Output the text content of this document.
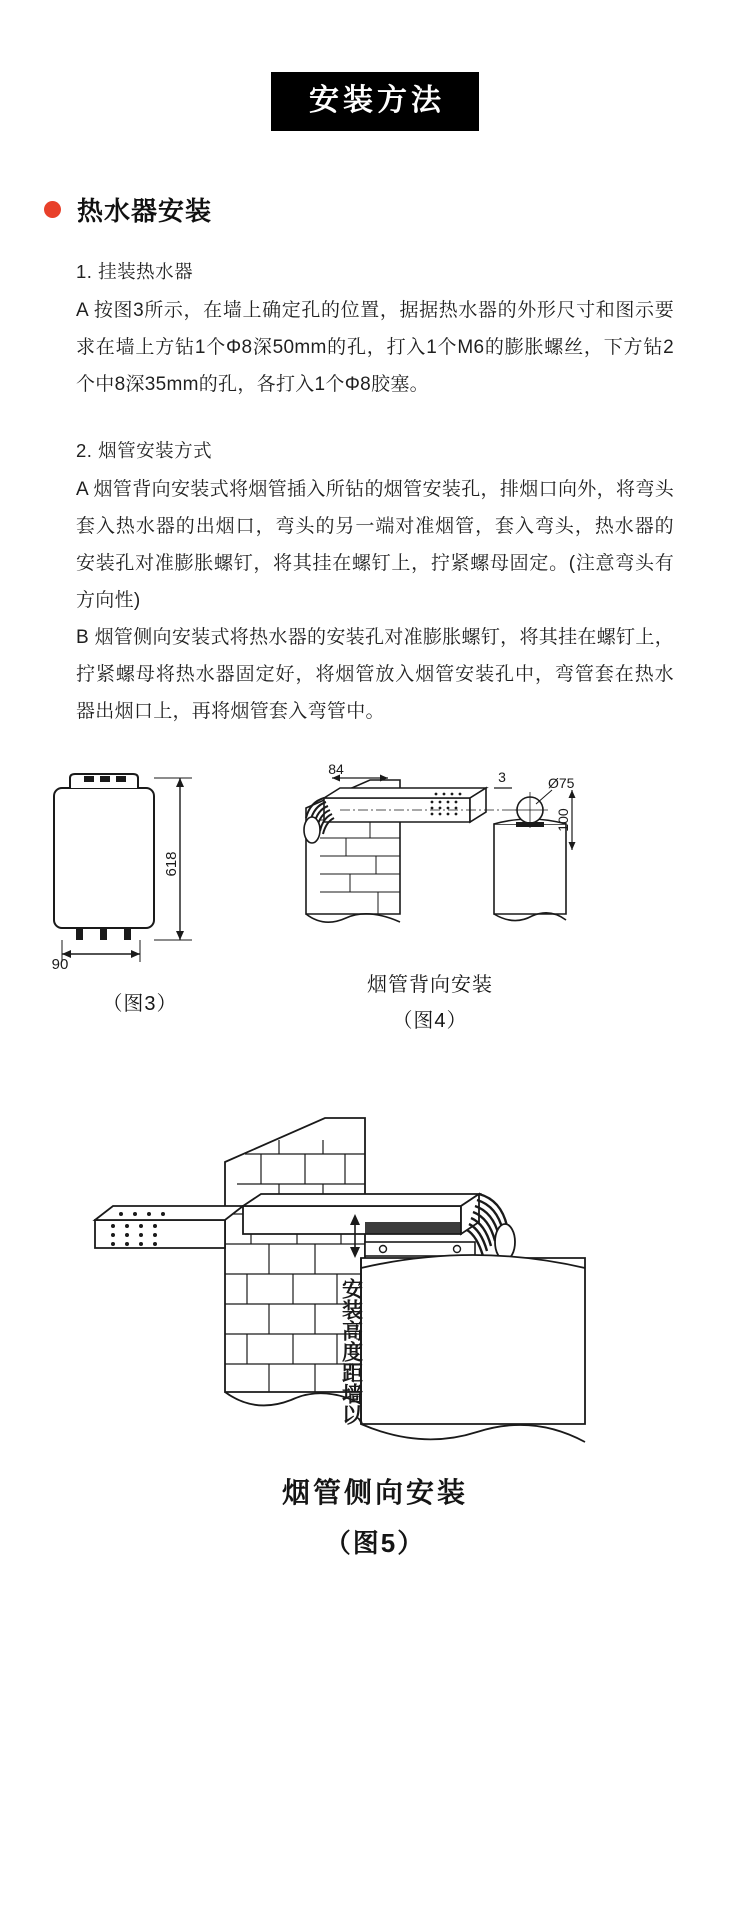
安装方法
热水器安装
1. 挂装热水器
A 按图3所示，在墙上确定孔的位置，据据热水器的外形尺寸和图示要求在墙上方钻1个Φ8深50mm的孔，打入1个M6的膨胀螺丝，下方钻2个中8深35mm的孔，各打入1个Φ8胶塞。
2. 烟管安装方式
A 烟管背向安装式将烟管插入所钻的烟管安装孔，排烟口向外，将弯头套入热水器的出烟口，弯头的另一端对准烟管，套入弯头，热水器的安装孔对准膨胀螺钉，将其挂在螺钉上，拧紧螺母固定。(注意弯头有方向性)
B 烟管侧向安装式将热水器的安装孔对准膨胀螺钉，将其挂在螺钉上，拧紧螺母将热水器固定好，将烟管放入烟管安装孔中，弯管套在热水器出烟口上，再将烟管套入弯管中。
618
90
（图3）
84	3	Ø75
100
烟管背向安装
（图4）
安装高度距墙以
烟管侧向安装
（图5）
